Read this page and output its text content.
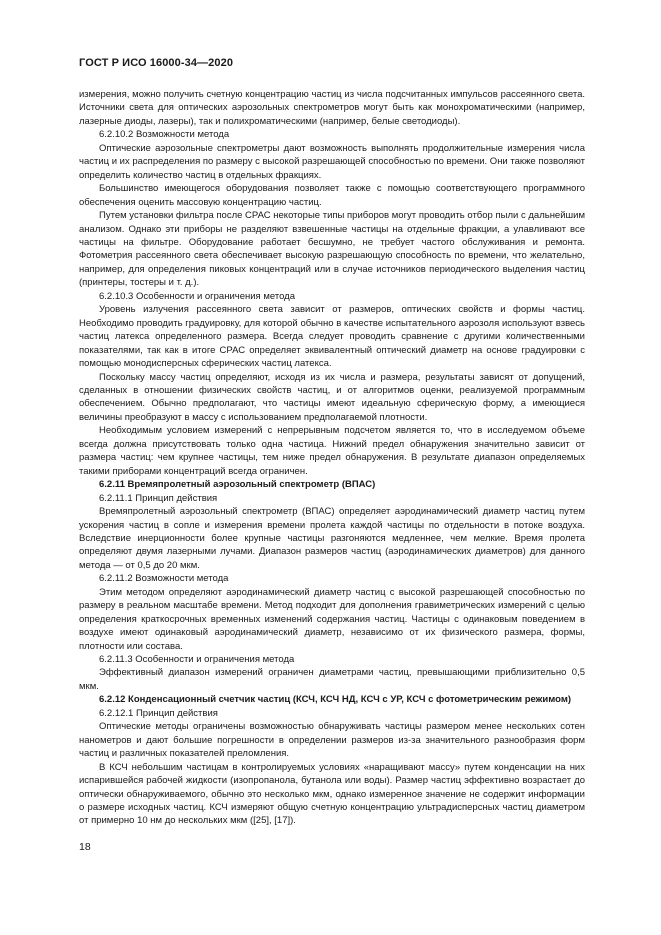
ГОСТ Р ИСО 16000-34—2020

измерения, можно получить счетную концентрацию частиц из числа подсчитанных импульсов рассеянного света. Источники света для оптических аэрозольных спектрометров могут быть как монохроматическими (например, лазерные диоды, лазеры), так и полихроматическими (например, белые светодиоды).

6.2.10.2 Возможности метода

Оптические аэрозольные спектрометры дают возможность выполнять продолжительные измерения числа частиц и их распределения по размеру с высокой разрешающей способностью по времени. Они также позволяют определить количество частиц в отдельных фракциях.

Большинство имеющегося оборудования позволяет также с помощью соответствующего программного обеспечения оценить массовую концентрацию частиц.

Путем установки фильтра после СРАС некоторые типы приборов могут проводить отбор пыли с дальнейшим анализом. Однако эти приборы не разделяют взвешенные частицы на отдельные фракции, а улавливают все частицы на фильтре. Оборудование работает бесшумно, не требует частого обслуживания и ремонта. Фотометрия рассеянного света обеспечивает высокую разрешающую способность по времени, что желательно, например, для определения пиковых концентраций или в случае источников периодического выделения частиц (принтеры, тостеры и т. д.).

6.2.10.3 Особенности и ограничения метода

Уровень излучения рассеянного света зависит от размеров, оптических свойств и формы частиц. Необходимо проводить градуировку, для которой обычно в качестве испытательного аэрозоля используют взвесь частиц латекса определенного размера. Всегда следует проводить сравнение с другими количественными показателями, так как в итоге СРАС определяет эквивалентный оптический диаметр на основе градуировки с помощью монодисперсных сферических частиц латекса.

Поскольку массу частиц определяют, исходя из их числа и размера, результаты зависят от допущений, сделанных в отношении физических свойств частиц, и от алгоритмов оценки, реализуемой программным обеспечением. Обычно предполагают, что частицы имеют идеальную сферическую форму, а имеющиеся величины преобразуют в массу с использованием предполагаемой плотности.

Необходимым условием измерений с непрерывным подсчетом является то, что в исследуемом объеме всегда должна присутствовать только одна частица. Нижний предел обнаружения значительно зависит от размера частиц: чем крупнее частицы, тем ниже предел обнаружения. В результате диапазон определяемых такими приборами концентраций всегда ограничен.

6.2.11 Времяпролетный аэрозольный спектрометр (ВПАС)

6.2.11.1 Принцип действия

Времяпролетный аэрозольный спектрометр (ВПАС) определяет аэродинамический диаметр частиц путем ускорения частиц в сопле и измерения времени пролета каждой частицы по отдельности в потоке воздуха. Вследствие инерционности более крупные частицы разгоняются медленнее, чем мелкие. Время пролета определяют двумя лазерными лучами. Диапазон размеров частиц (аэродинамических диаметров) для данного метода — от 0,5 до 20 мкм.

6.2.11.2 Возможности метода

Этим методом определяют аэродинамический диаметр частиц с высокой разрешающей способностью по размеру в реальном масштабе времени. Метод подходит для дополнения гравиметрических измерений с целью определения краткосрочных временных изменений содержания частиц. Частицы с одинаковым поведением в воздухе имеют одинаковый аэродинамический диаметр, независимо от их физического размера, формы, плотности или состава.

6.2.11.3 Особенности и ограничения метода

Эффективный диапазон измерений ограничен диаметрами частиц, превышающими приблизительно 0,5 мкм.

6.2.12 Конденсационный счетчик частиц (КСЧ, КСЧ НД, КСЧ с УР, КСЧ с фотометрическим режимом)

6.2.12.1 Принцип действия

Оптические методы ограничены возможностью обнаруживать частицы размером менее нескольких сотен нанометров и дают большие погрешности в определении размеров из-за значительного разнообразия форм частиц и различных показателей преломления.

В КСЧ небольшим частицам в контролируемых условиях «наращивают массу» путем конденсации на них испарившейся рабочей жидкости (изопропанола, бутанола или воды). Размер частиц эффективно возрастает до оптически обнаруживаемого, обычно это несколько мкм, однако измеренное значение не содержит информации о размере исходных частиц. КСЧ измеряют общую счетную концентрацию ультрадисперсных частиц диаметром от примерно 10 нм до нескольких мкм ([25], [17]).

18
